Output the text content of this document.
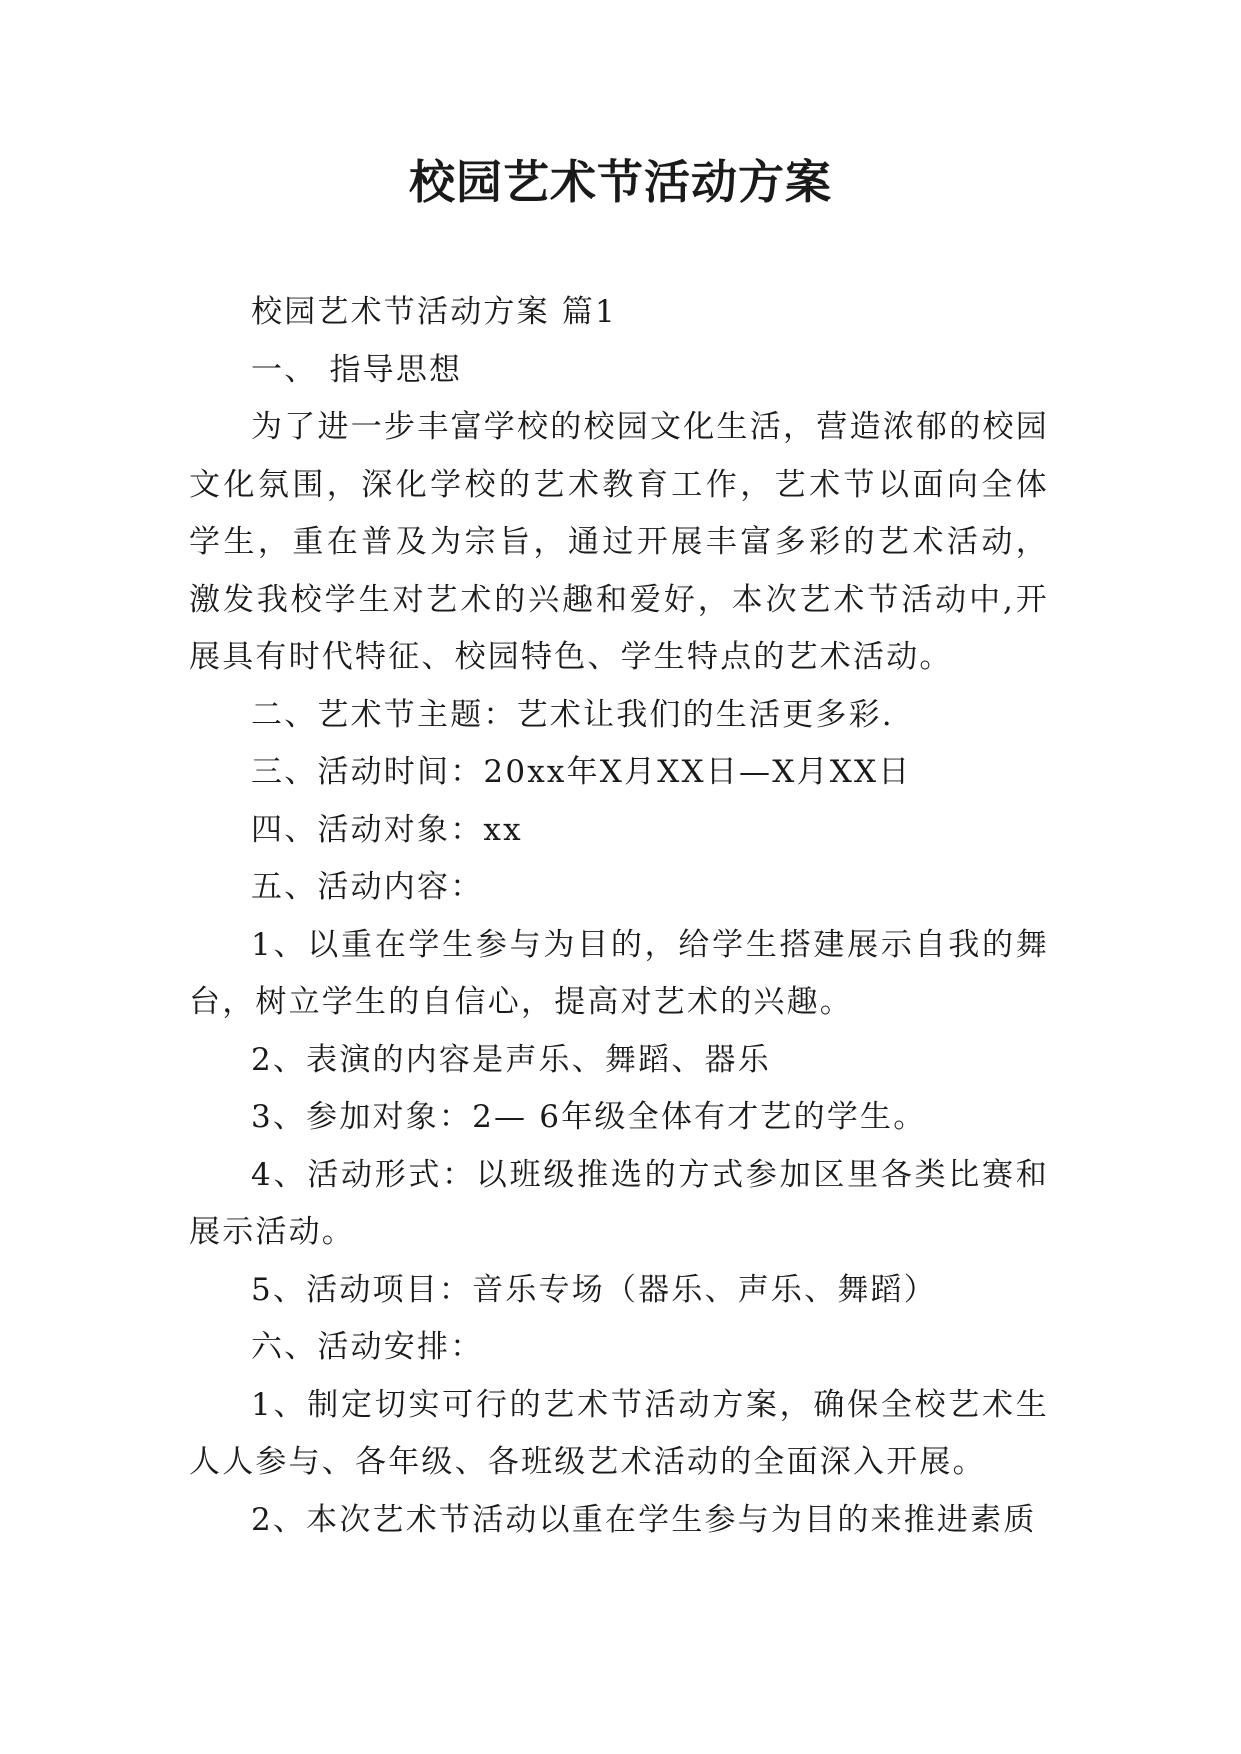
校园艺术节活动方案

校园艺术节活动方案 篇1

一、 指导思想

为了进一步丰富学校的校园文化生活，营造浓郁的校园文化氛围，深化学校的艺术教育工作，艺术节以面向全体学生，重在普及为宗旨，通过开展丰富多彩的艺术活动，激发我校学生对艺术的兴趣和爱好，本次艺术节活动中,开展具有时代特征、校园特色、学生特点的艺术活动。

二、艺术节主题：艺术让我们的生活更多彩.

三、活动时间：20xx年X月XX日—X月XX日

四、活动对象：xx

五、活动内容：

1、以重在学生参与为目的，给学生搭建展示自我的舞台，树立学生的自信心，提高对艺术的兴趣。

2、表演的内容是声乐、舞蹈、器乐

3、参加对象：2— 6年级全体有才艺的学生。

4、活动形式：以班级推选的方式参加区里各类比赛和展示活动。

5、活动项目：音乐专场（器乐、声乐、舞蹈）

六、活动安排：

1、制定切实可行的艺术节活动方案，确保全校艺术生人人参与、各年级、各班级艺术活动的全面深入开展。

2、本次艺术节活动以重在学生参与为目的来推进素质
